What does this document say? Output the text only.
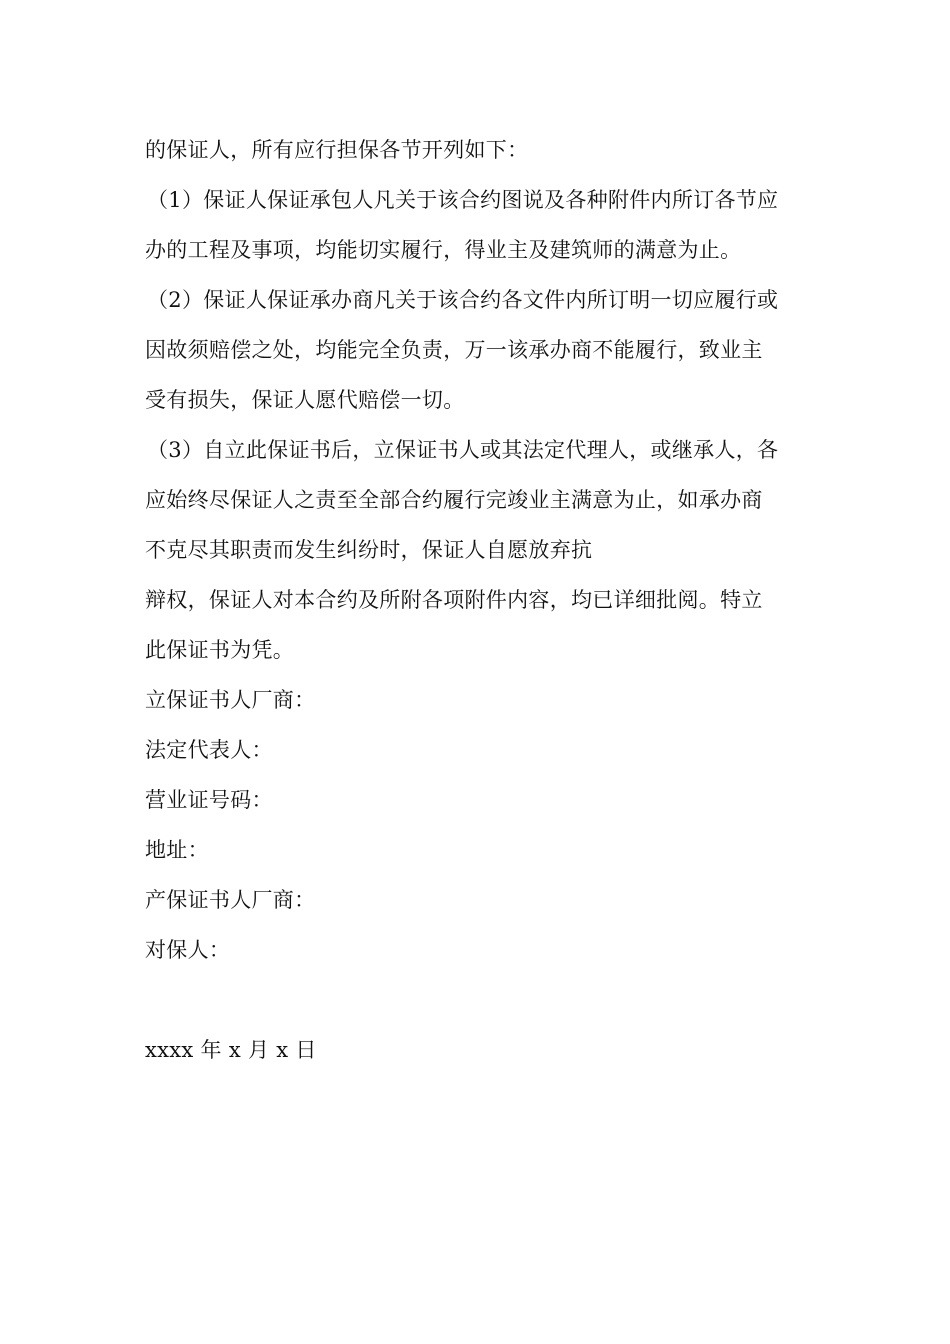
的保证人，所有应行担保各节开列如下：
（1）保证人保证承包人凡关于该合约图说及各种附件内所订各节应
办的工程及事项，均能切实履行，得业主及建筑师的满意为止。
（2）保证人保证承办商凡关于该合约各文件内所订明一切应履行或
因故须赔偿之处，均能完全负责，万一该承办商不能履行，致业主
受有损失，保证人愿代赔偿一切。
（3）自立此保证书后，立保证书人或其法定代理人，或继承人，各
应始终尽保证人之责至全部合约履行完竣业主满意为止，如承办商
不克尽其职责而发生纠纷时，保证人自愿放弃抗
辩权，保证人对本合约及所附各项附件内容，均已详细批阅。特立
此保证书为凭。
立保证书人厂商：
法定代表人：
营业证号码：
地址：
产保证书人厂商：
对保人：
xxxx 年 x 月 x 日
